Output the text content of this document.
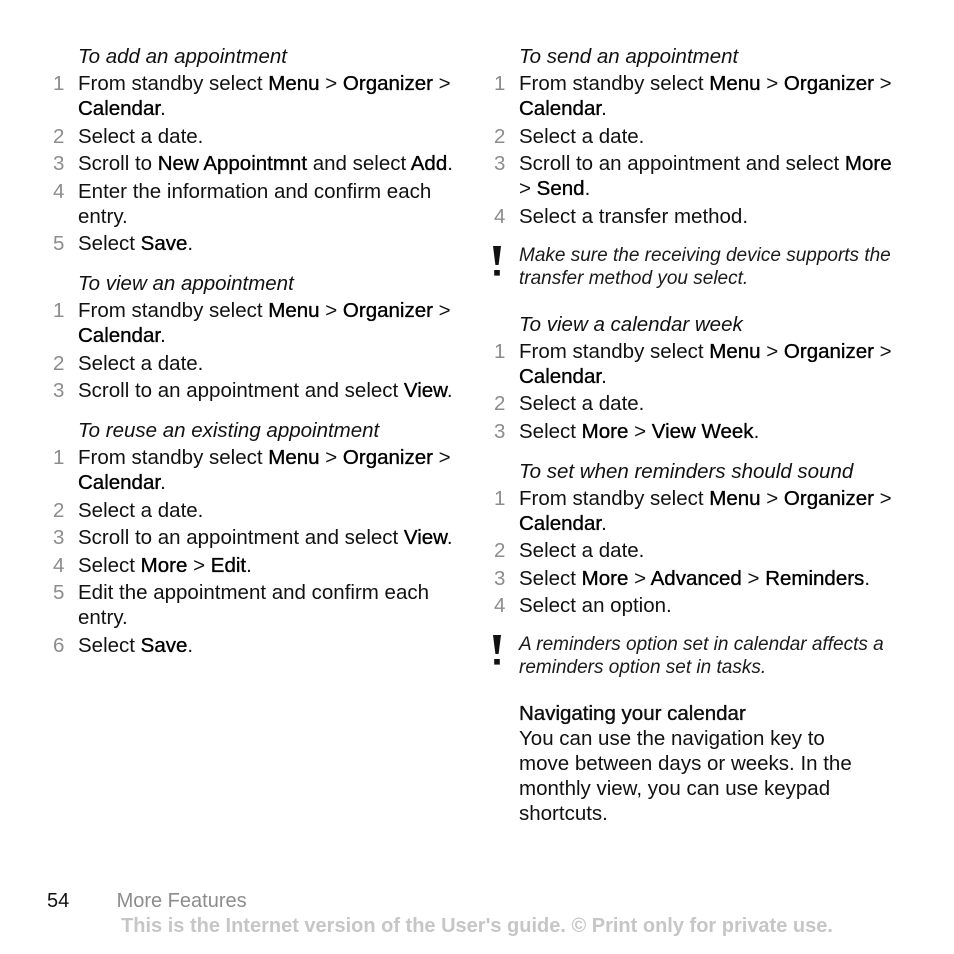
To add an appointment
1 From standby select Menu > Organizer > Calendar.
2 Select a date.
3 Scroll to New Appointmnt and select Add.
4 Enter the information and confirm each entry.
5 Select Save.
To view an appointment
1 From standby select Menu > Organizer > Calendar.
2 Select a date.
3 Scroll to an appointment and select View.
To reuse an existing appointment
1 From standby select Menu > Organizer > Calendar.
2 Select a date.
3 Scroll to an appointment and select View.
4 Select More > Edit.
5 Edit the appointment and confirm each entry.
6 Select Save.
To send an appointment
1 From standby select Menu > Organizer > Calendar.
2 Select a date.
3 Scroll to an appointment and select More > Send.
4 Select a transfer method.
Make sure the receiving device supports the transfer method you select.
To view a calendar week
1 From standby select Menu > Organizer > Calendar.
2 Select a date.
3 Select More > View Week.
To set when reminders should sound
1 From standby select Menu > Organizer > Calendar.
2 Select a date.
3 Select More > Advanced > Reminders.
4 Select an option.
A reminders option set in calendar affects a reminders option set in tasks.
Navigating your calendar
You can use the navigation key to move between days or weeks. In the monthly view, you can use keypad shortcuts.
54 More Features
This is the Internet version of the User's guide. © Print only for private use.
